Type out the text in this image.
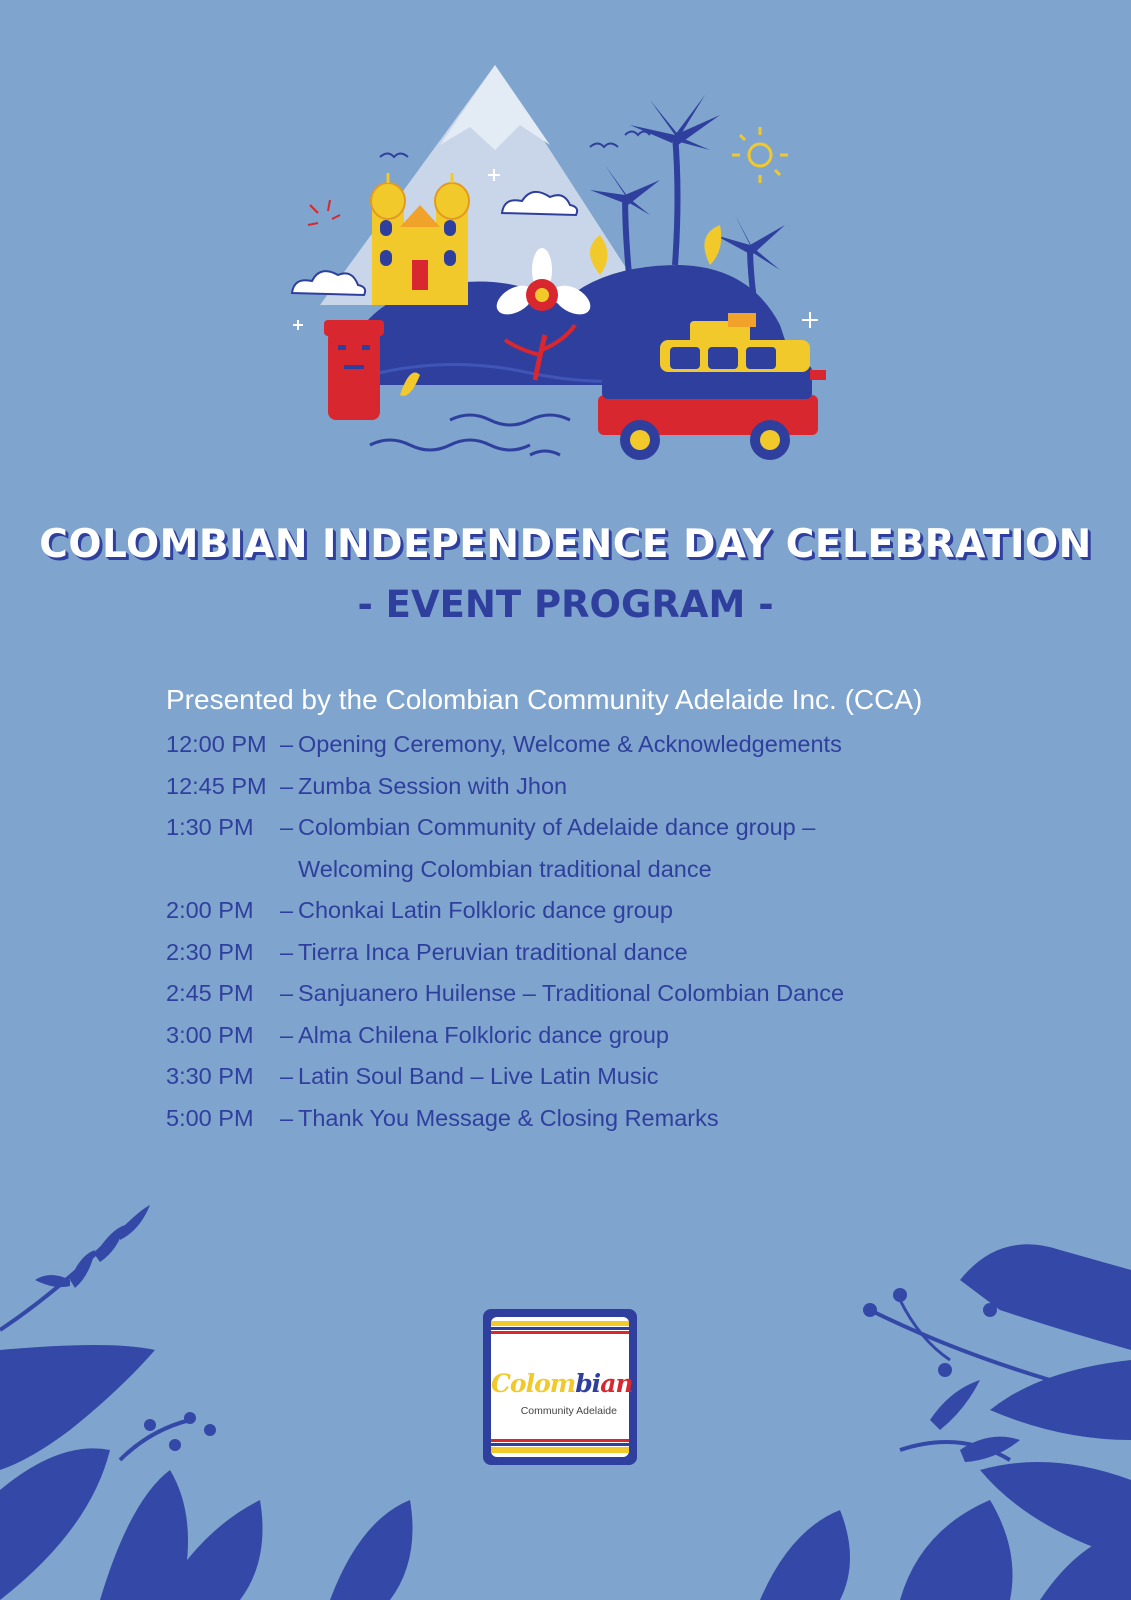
COLOMBIAN INDEPENDENCE DAY CELEBRATION
- EVENT PROGRAM -
Presented by the Colombian Community Adelaide Inc. (CCA)
12:00 PM – Opening Ceremony, Welcome & Acknowledgements
12:45 PM – Zumba Session with Jhon
1:30 PM	– Colombian Community of Adelaide dance group –
Welcoming Colombian traditional dance
2:00 PM	– Chonkai Latin Folkloric dance group
2:30 PM	– Tierra Inca Peruvian traditional dance
2:45 PM	– Sanjuanero Huilense – Traditional Colombian Dance
3:00 PM	– Alma Chilena Folkloric dance group
3:30 PM	– Latin Soul Band – Live Latin Music
5:00 PM	– Thank You Message & Closing Remarks
Colombian
Community Adelaide
